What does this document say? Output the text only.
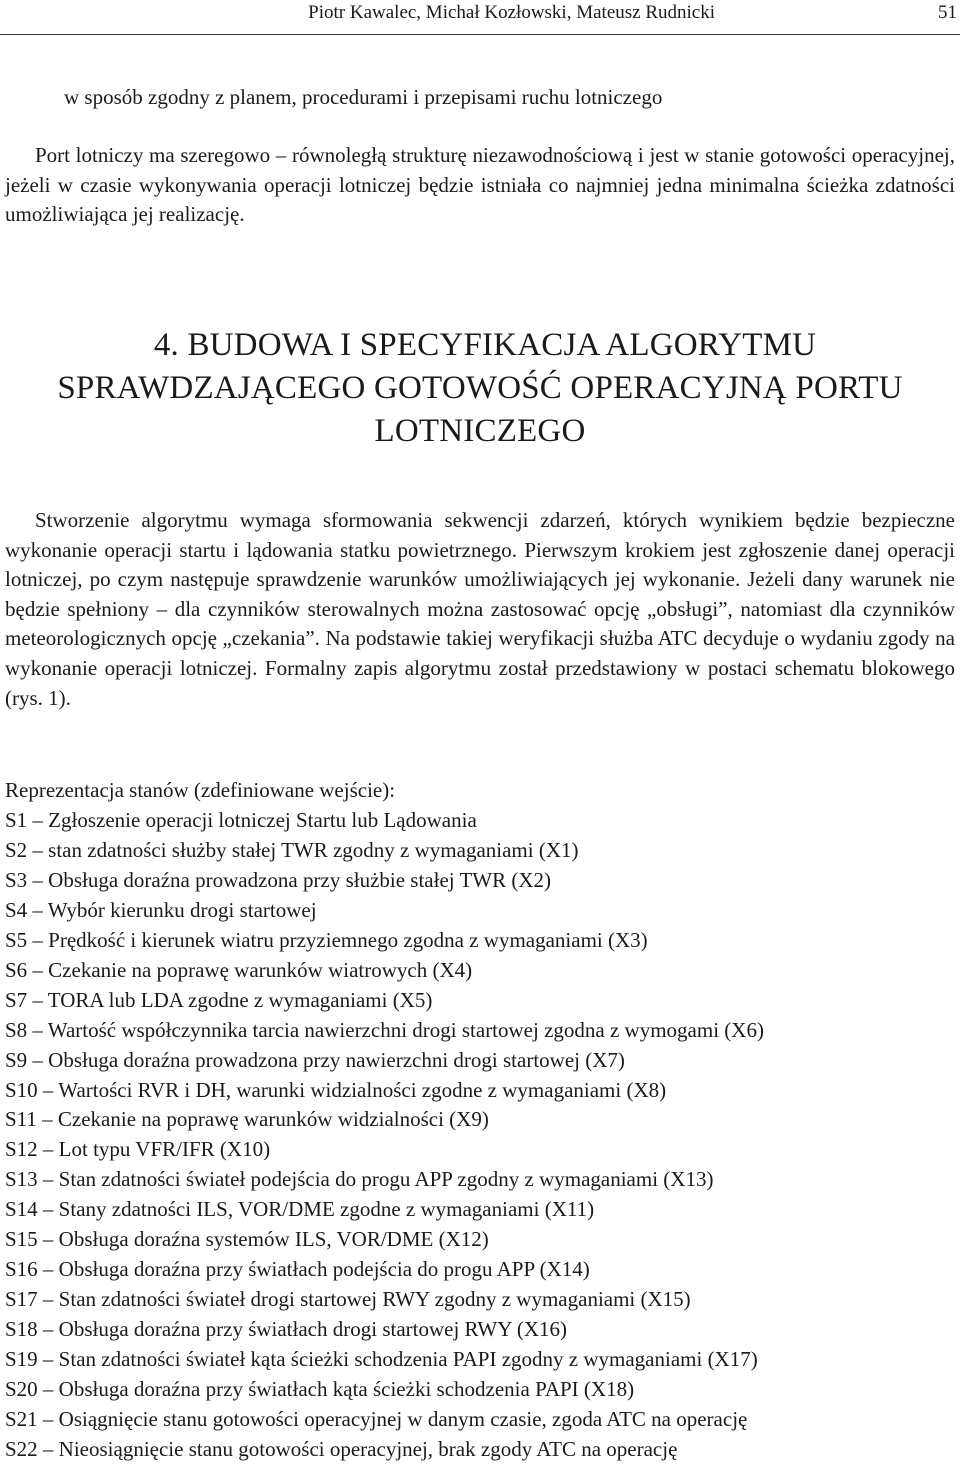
Piotr Kawalec, Michał Kozłowski, Mateusz Rudnicki	51
w sposób zgodny z planem, procedurami i przepisami ruchu lotniczego

Port lotniczy ma szeregowo – równoległą strukturę niezawodnościową i jest w stanie gotowości operacyjnej, jeżeli w czasie wykonywania operacji lotniczej będzie istniała co najmniej jedna minimalna ścieżka zdatności umożliwiająca jej realizację.

4. BUDOWA I SPECYFIKACJA ALGORYTMU
SPRAWDZAJĄCEGO GOTOWOŚĆ OPERACYJNĄ PORTU
LOTNICZEGO

Stworzenie algorytmu wymaga sformowania sekwencji zdarzeń, których wynikiem będzie bezpieczne wykonanie operacji startu i lądowania statku powietrznego. Pierwszym krokiem jest zgłoszenie danej operacji lotniczej, po czym następuje sprawdzenie warunków umożliwiających jej wykonanie. Jeżeli dany warunek nie będzie spełniony – dla czynników sterowalnych można zastosować opcję „obsługi”, natomiast dla czynników meteorologicznych opcję „czekania”. Na podstawie takiej weryfikacji służba ATC decyduje o wydaniu zgody na wykonanie operacji lotniczej. Formalny zapis algorytmu został przedstawiony w postaci schematu blokowego (rys. 1).

Reprezentacja stanów (zdefiniowane wejście):
S1 – Zgłoszenie operacji lotniczej Startu lub Lądowania
S2 – stan zdatności służby stałej TWR zgodny z wymaganiami (X1)
S3 – Obsługa doraźna prowadzona przy służbie stałej TWR (X2)
S4 – Wybór kierunku drogi startowej
S5 – Prędkość i kierunek wiatru przyziemnego zgodna z wymaganiami (X3)
S6 – Czekanie na poprawę warunków wiatrowych (X4)
S7 – TORA lub LDA zgodne z wymaganiami (X5)
S8 – Wartość współczynnika tarcia nawierzchni drogi startowej zgodna z wymogami (X6)
S9 – Obsługa doraźna prowadzona przy nawierzchni drogi startowej (X7)
S10 – Wartości RVR i DH, warunki widzialności zgodne z wymaganiami (X8)
S11 – Czekanie na poprawę warunków widzialności (X9)
S12 – Lot typu VFR/IFR (X10)
S13 – Stan zdatności świateł podejścia do progu APP zgodny z wymaganiami (X13)
S14 – Stany zdatności ILS, VOR/DME zgodne z wymaganiami (X11)
S15 – Obsługa doraźna systemów ILS, VOR/DME (X12)
S16 – Obsługa doraźna przy światłach podejścia do progu APP (X14)
S17 – Stan zdatności świateł drogi startowej RWY zgodny z wymaganiami (X15)
S18 – Obsługa doraźna przy światłach drogi startowej RWY (X16)
S19 – Stan zdatności świateł kąta ścieżki schodzenia PAPI zgodny z wymaganiami (X17)
S20 – Obsługa doraźna przy światłach kąta ścieżki schodzenia PAPI (X18)
S21 – Osiągnięcie stanu gotowości operacyjnej w danym czasie, zgoda ATC na operację
S22 – Nieosiągnięcie stanu gotowości operacyjnej, brak zgody ATC na operację
